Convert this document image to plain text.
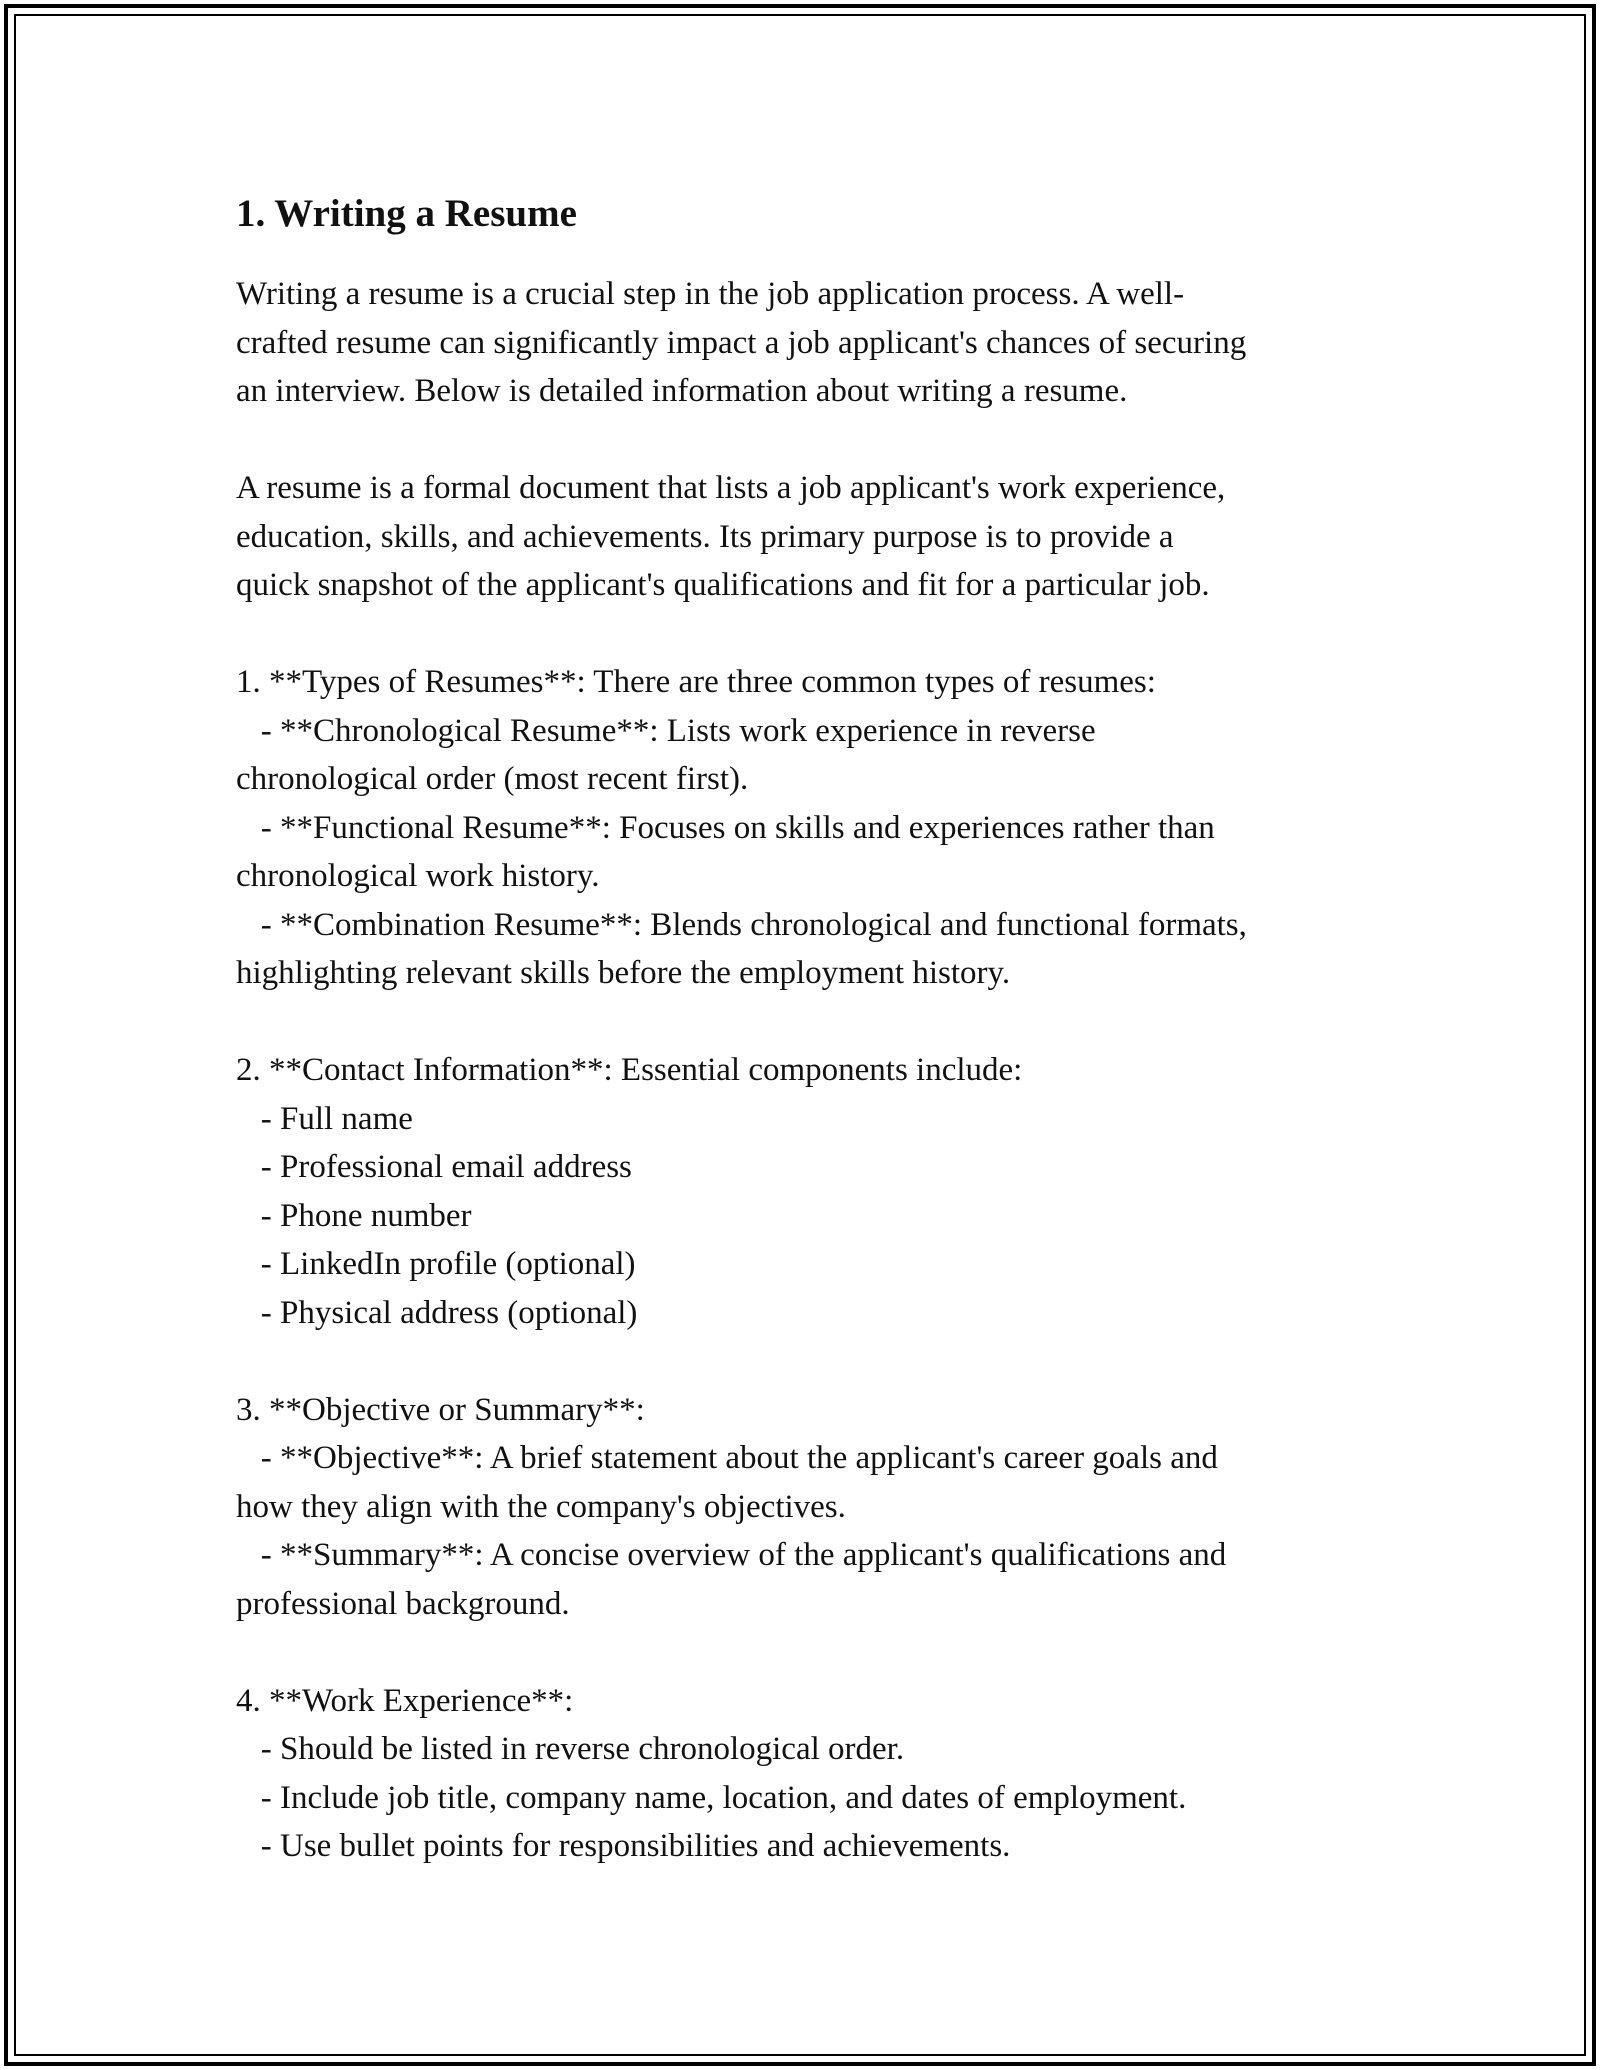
1. Writing a Resume

Writing a resume is a crucial step in the job application process. A well-

crafted resume can significantly impact a job applicant's chances of securing

an interview. Below is detailed information about writing a resume.

A resume is a formal document that lists a job applicant's work experience,

education, skills, and achievements. Its primary purpose is to provide a

quick snapshot of the applicant's qualifications and fit for a particular job.

1. **Types of Resumes**: There are three common types of resumes:

- **Chronological Resume**: Lists work experience in reverse

chronological order (most recent first).

- **Functional Resume**: Focuses on skills and experiences rather than

chronological work history.

- **Combination Resume**: Blends chronological and functional formats,

highlighting relevant skills before the employment history.

2. **Contact Information**: Essential components include:

- Full name

- Professional email address

- Phone number

- LinkedIn profile (optional)

- Physical address (optional)

3. **Objective or Summary**:

- **Objective**: A brief statement about the applicant's career goals and

how they align with the company's objectives.

- **Summary**: A concise overview of the applicant's qualifications and

professional background.

4. **Work Experience**:

- Should be listed in reverse chronological order.

- Include job title, company name, location, and dates of employment.

- Use bullet points for responsibilities and achievements.
